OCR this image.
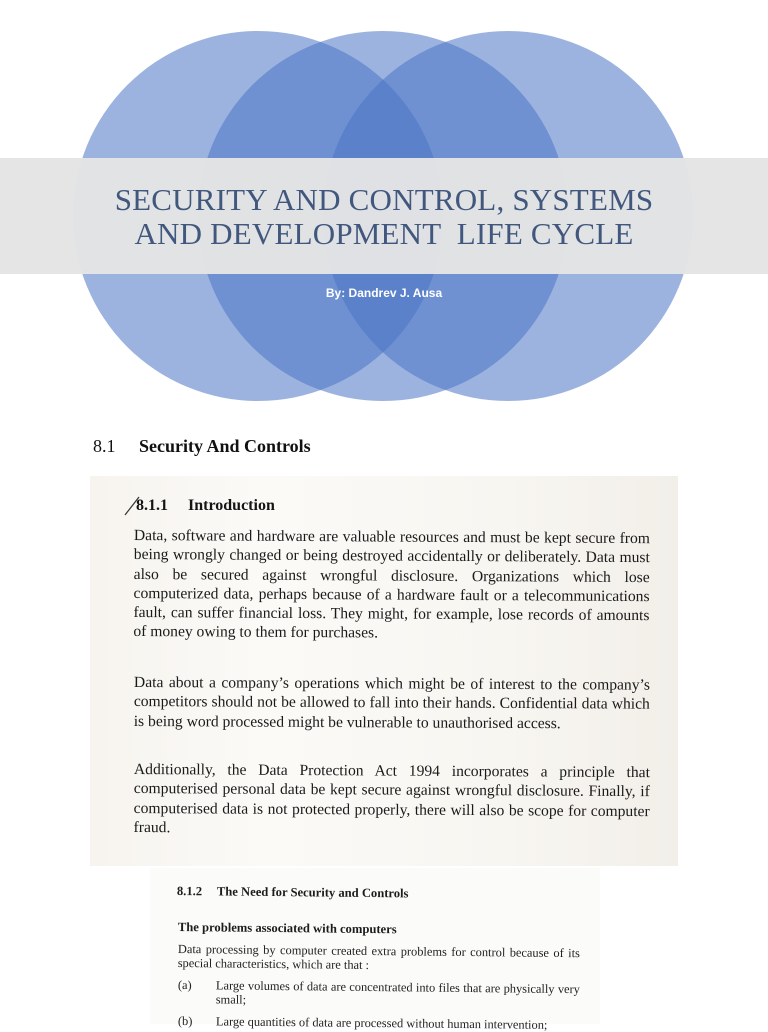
SECURITY AND CONTROL, SYSTEMS
AND DEVELOPMENT  LIFE CYCLE
By: Dandrev J. Ausa
8.1 Security And Controls
8.1.1 Introduction
Data, software and hardware are valuable resources and must be kept secure from being wrongly changed or being destroyed accidentally or deliberately. Data must also be secured against wrongful disclosure. Organizations which lose computerized data, perhaps because of a hardware fault or a telecommunications fault, can suffer financial loss. They might, for example, lose records of amounts of money owing to them for purchases.
Data about a company’s operations which might be of interest to the company’s competitors should not be allowed to fall into their hands. Confidential data which is being word processed might be vulnerable to unauthorised access.
Additionally, the Data Protection Act 1994 incorporates a principle that computerised personal data be kept secure against wrongful disclosure. Finally, if computerised data is not protected properly, there will also be scope for computer fraud.
8.1.2 The Need for Security and Controls
The problems associated with computers
Data processing by computer created extra problems for control because of its special characteristics, which are that :
(a) Large volumes of data are concentrated into files that are physically very small;
(b) Large quantities of data are processed without human intervention;
